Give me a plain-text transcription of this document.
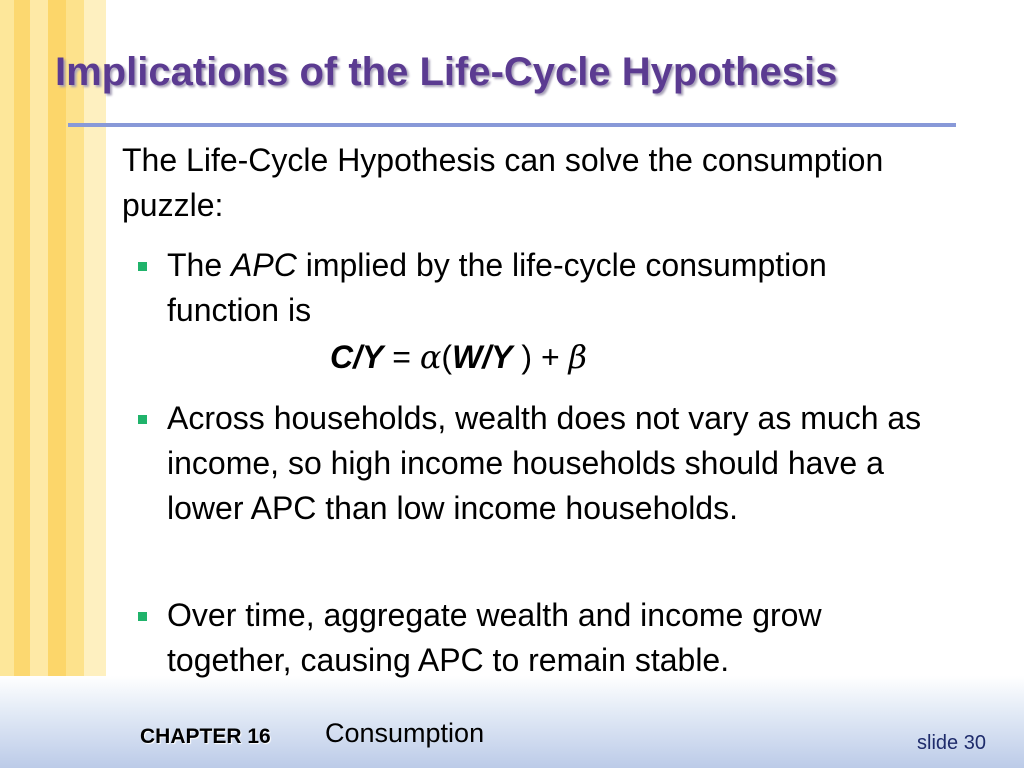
Implications of the Life-Cycle Hypothesis
The Life-Cycle Hypothesis can solve the consumption puzzle:
The APC implied by the life-cycle consumption function is
C/Y = α(W/Y ) + β
Across households, wealth does not vary as much as income, so high income households should have a lower APC than low income households.
Over time, aggregate wealth and income grow together, causing APC to remain stable.
CHAPTER 16 Consumption	slide 30
